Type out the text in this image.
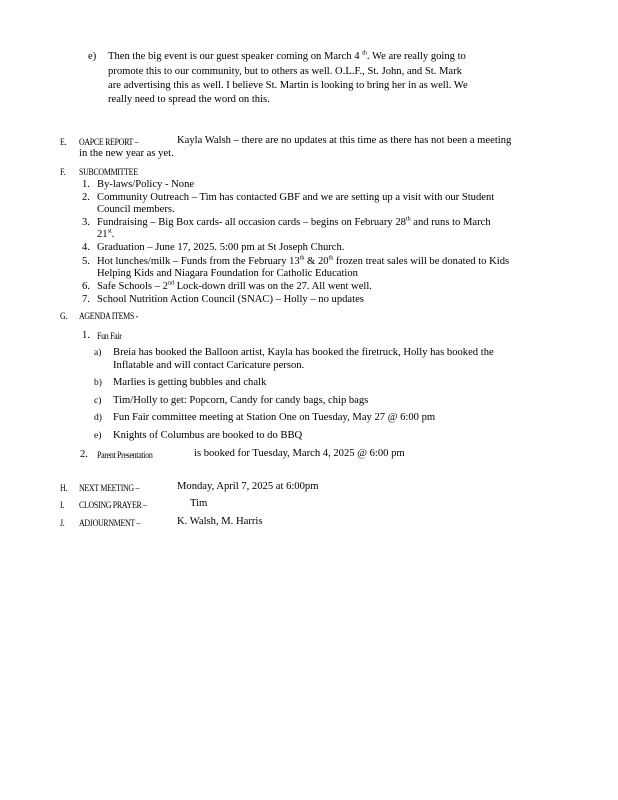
e) Then the big event is our guest speaker coming on March 4 $^{th}$. We are really going to
promote this to our community, but to others as well. O.L.F., St. John, and St. Mark
are advertising this as well. I believe St. Martin is looking to bring her in as well. We
really need to spread the word on this.
E. OAPCE REPORT –	Kayla Walsh – there are no updates at this time as there has not been a meeting
in the new year as yet.
F. SUBCOMMITTEE
1. By-laws/Policy - None
2. Community Outreach – Tim has contacted GBF and we are setting up a visit with our Student
Council members.
3. Fundraising – Big Box cards- all occasion cards – begins on February 28th and runs to March
21st.
4. Graduation – June 17, 2025. 5:00 pm at St Joseph Church.
5. Hot lunches/milk – Funds from the February 13th & 20th frozen treat sales will be donated to Kids
Helping Kids and Niagara Foundation for Catholic Education
6. Safe Schools – 2nd Lock-down drill was on the 27. All went well.
7. School Nutrition Action Council (SNAC) – Holly – no updates
G. AGENDA ITEMS -
1. Fun Fair
a) Breia has booked the Balloon artist, Kayla has booked the firetruck, Holly has booked the
Inflatable and will contact Caricature person.
b) Marlies is getting bubbles and chalk
c) Tim/Holly to get: Popcorn, Candy for candy bags, chip bags
d) Fun Fair committee meeting at Station One on Tuesday, May 27 @ 6:00 pm
e) Knights of Columbus are booked to do BBQ
2. Parent Presentation	is booked for Tuesday, March 4, 2025 @ 6:00 pm
H. NEXT MEETING –	Monday, April 7, 2025 at 6:00pm
I. CLOSING PRAYER –	Tim
J. ADJOURNMENT –	K. Walsh, M. Harris
